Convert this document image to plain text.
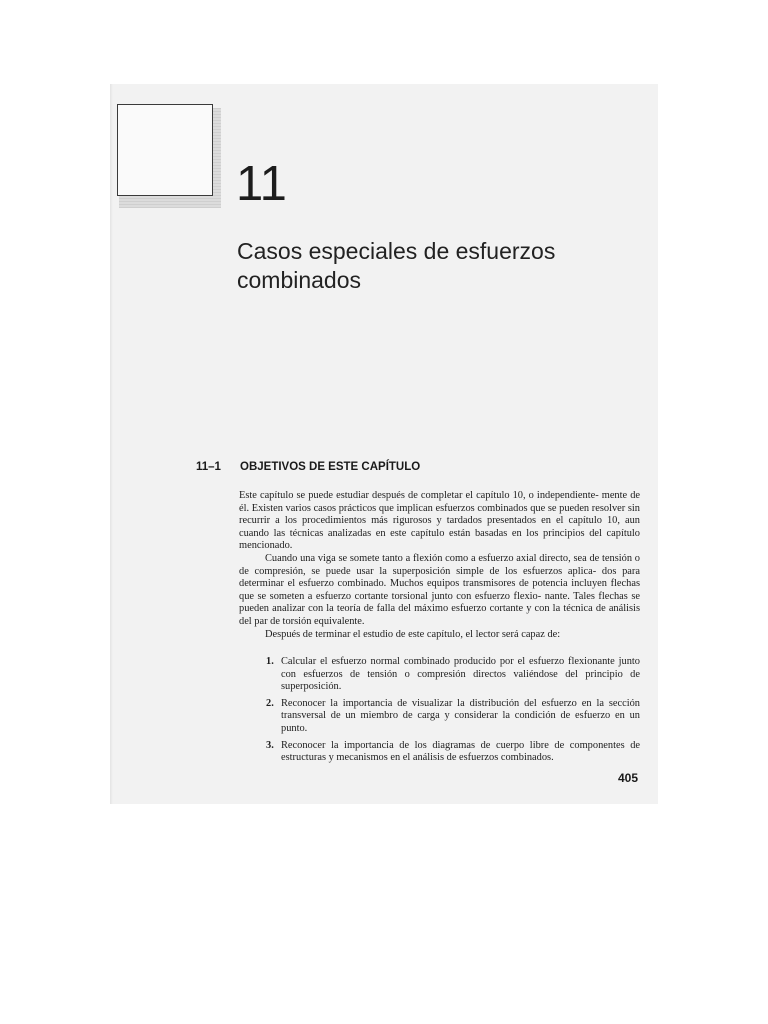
11
Casos especiales de esfuerzos
combinados
11–1 OBJETIVOS DE ESTE CAPÍTULO

Este capítulo se puede estudiar después de completar el capítulo 10, o independiente- mente de él. Existen varios casos prácticos que implican esfuerzos combinados que se pueden resolver sin recurrir a los procedimientos más rigurosos y tardados presentados en el capítulo 10, aun cuando las técnicas analizadas en este capítulo están basadas en los principios del capítulo mencionado.

Cuando una viga se somete tanto a flexión como a esfuerzo axial directo, sea de tensión o de compresión, se puede usar la superposición simple de los esfuerzos aplica- dos para determinar el esfuerzo combinado. Muchos equipos transmisores de potencia incluyen flechas que se someten a esfuerzo cortante torsional junto con esfuerzo flexio- nante. Tales flechas se pueden analizar con la teoría de falla del máximo esfuerzo cortante y con la técnica de análisis del par de torsión equivalente.

Después de terminar el estudio de este capítulo, el lector será capaz de:

1. Calcular el esfuerzo normal combinado producido por el esfuerzo flexionante junto con esfuerzos de tensión o compresión directos valiéndose del principio de superposición.
2. Reconocer la importancia de visualizar la distribución del esfuerzo en la sección transversal de un miembro de carga y considerar la condición de esfuerzo en un punto.
3. Reconocer la importancia de los diagramas de cuerpo libre de componentes de estructuras y mecanismos en el análisis de esfuerzos combinados.
405
